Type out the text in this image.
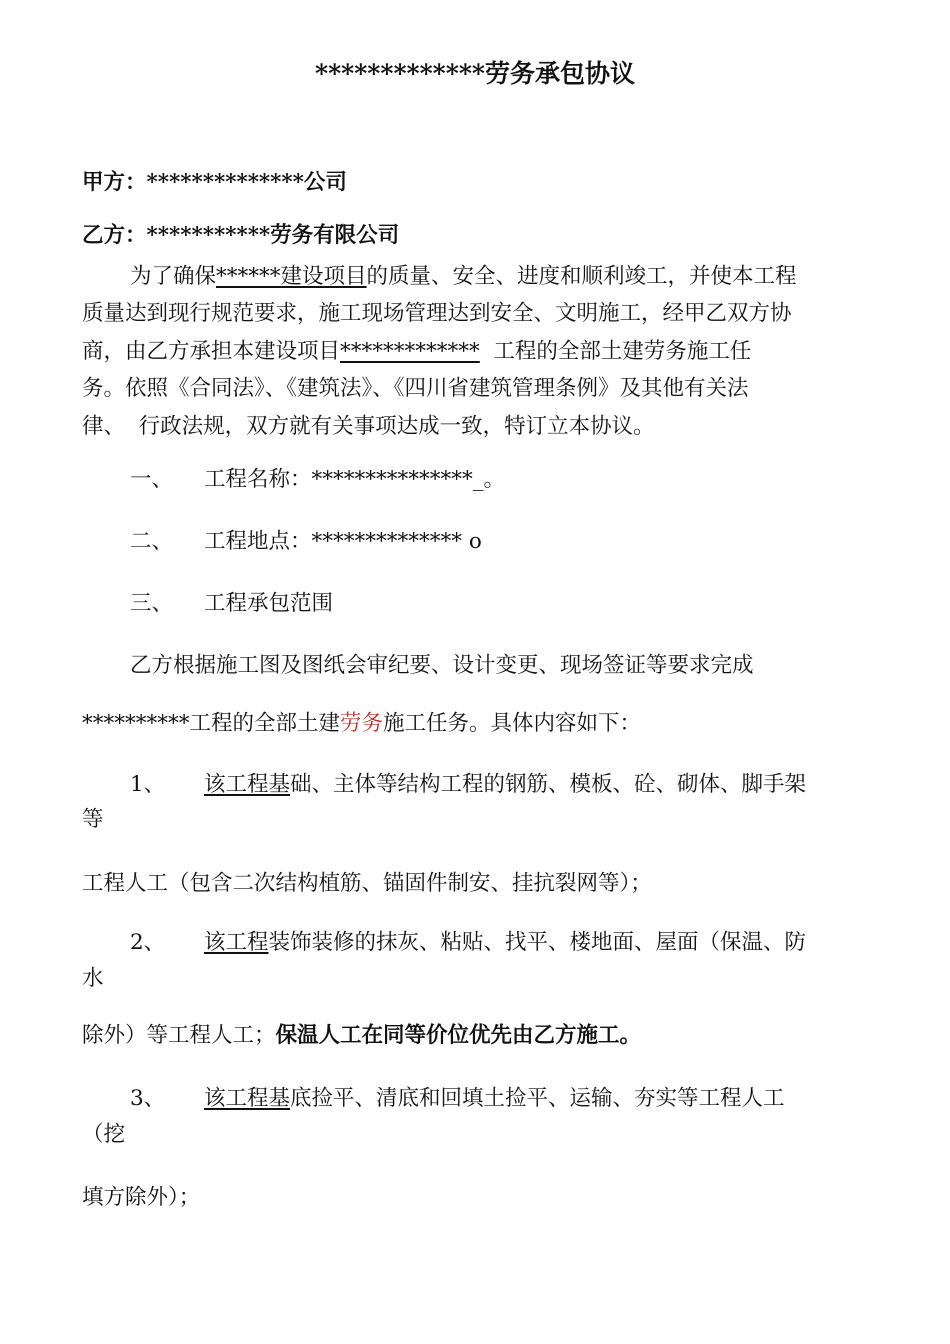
*************劳务承包协议
甲方：**************公司
乙方：***********劳务有限公司
为了确保******建设项目的质量、安全、进度和顺利竣工，并使本工程
质量达到现行规范要求，施工现场管理达到安全、文明施工，经甲乙双方协
商，由乙方承担本建设项目*************  工程的全部土建劳务施工任
务。依照《合同法》、《建筑法》、《四川省建筑管理条例》及其他有关法
律、  行政法规，双方就有关事项达成一致，特订立本协议。
一、 工程名称：***************_。
二、 工程地点：************** o
三、 工程承包范围
乙方根据施工图及图纸会审纪要、设计变更、现场签证等要求完成
**********工程的全部土建劳务施工任务。具体内容如下：
1、 该工程基础、主体等结构工程的钢筋、模板、砼、砌体、脚手架
等
工程人工（包含二次结构植筋、锚固件制安、挂抗裂网等）；
2、 该工程装饰装修的抹灰、粘贴、找平、楼地面、屋面（保温、防
水
除外）等工程人工；保温人工在同等价位优先由乙方施工。
3、 该工程基底捡平、清底和回填土捡平、运输、夯实等工程人工
（挖
填方除外）；
